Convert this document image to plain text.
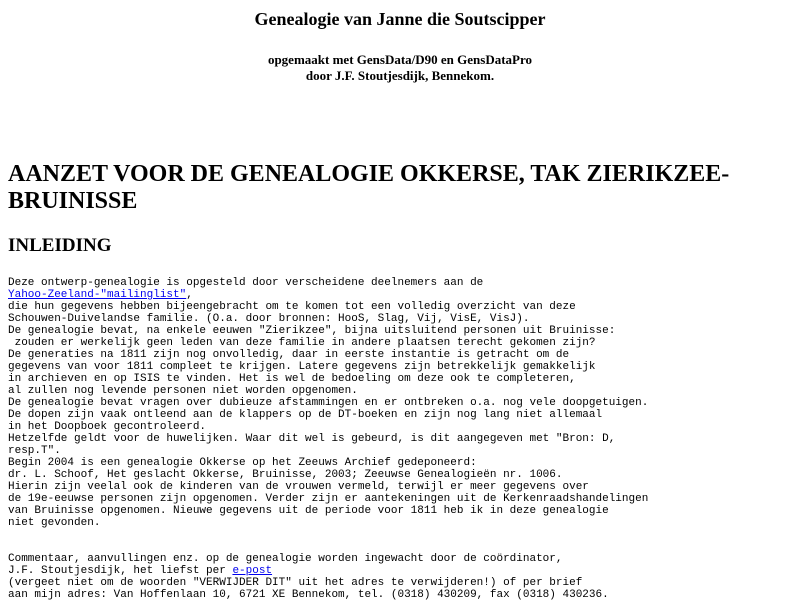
Genealogie van Janne die Soutscipper
opgemaakt met GensData/D90 en GensDataPro
door J.F. Stoutjesdijk, Bennekom.
AANZET VOOR DE GENEALOGIE OKKERSE, TAK ZIERIKZEE-BRUINISSE
INLEIDING
Deze ontwerp-genealogie is opgesteld door verscheidene deelnemers aan de
Yahoo-Zeeland-"mailinglist",
die hun gegevens hebben bijeengebracht om te komen tot een volledig overzicht van deze
Schouwen-Duivelandse familie. (O.a. door bronnen: HooS, Slag, Vij, VisE, VisJ).
De genealogie bevat, na enkele eeuwen "Zierikzee", bijna uitsluitend personen uit Bruinisse:
zouden er werkelijk geen leden van deze familie in andere plaatsen terecht gekomen zijn?
De generaties na 1811 zijn nog onvolledig, daar in eerste instantie is getracht om de
gegevens van voor 1811 compleet te krijgen. Latere gegevens zijn betrekkelijk gemakkelijk
in archieven en op ISIS te vinden. Het is wel de bedoeling om deze ook te completeren,
al zullen nog levende personen niet worden opgenomen.
De genealogie bevat vragen over dubieuze afstammingen en er ontbreken o.a. nog vele doopgetuigen.
De dopen zijn vaak ontleend aan de klappers op de DT-boeken en zijn nog lang niet allemaal
in het Doopboek gecontroleerd.
Hetzelfde geldt voor de huwelijken. Waar dit wel is gebeurd, is dit aangegeven met "Bron: D,
resp.T".
Begin 2004 is een genealogie Okkerse op het Zeeuws Archief gedeponeerd:
dr. L. Schoof, Het geslacht Okkerse, Bruinisse, 2003; Zeeuwse Genealogieën nr. 1006.
Hierin zijn veelal ook de kinderen van de vrouwen vermeld, terwijl er meer gegevens over
de 19e-eeuwse personen zijn opgenomen. Verder zijn er aantekeningen uit de Kerkenraadshandelingen
van Bruinisse opgenomen. Nieuwe gegevens uit de periode voor 1811 heb ik in deze genealogie
niet gevonden.
Commentaar, aanvullingen enz. op de genealogie worden ingewacht door de coördinator,
J.F. Stoutjesdijk, het liefst per e-post
(vergeet niet om de woorden "VERWIJDER DIT" uit het adres te verwijderen!) of per brief
aan mijn adres: Van Hoffenlaan 10, 6721 XE Bennekom, tel. (0318) 430209, fax (0318) 430236.
